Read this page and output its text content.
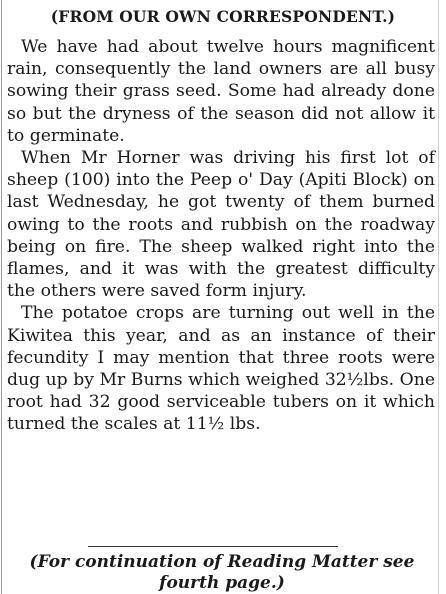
(FROM OUR OWN CORRESPONDENT.)

We have had about twelve hours magnificent rain, consequently the land owners are all busy sowing their grass seed. Some had already done so but the dryness of the season did not allow it to germinate.

When Mr Horner was driving his first lot of sheep (100) into the Peep o' Day (Apiti Block) on last Wednesday, he got twenty of them burned owing to the roots and rubbish on the roadway being on fire. The sheep walked right into the flames, and it was with the greatest difficulty the others were saved form injury.

The potatoe crops are turning out well in the Kiwitea this year, and as an instance of their fecundity I may mention that three roots were dug up by Mr Burns which weighed 32½lbs. One root had 32 good serviceable tubers on it which turned the scales at 11½ lbs.

(For continuation of Reading Matter see fourth page.)
